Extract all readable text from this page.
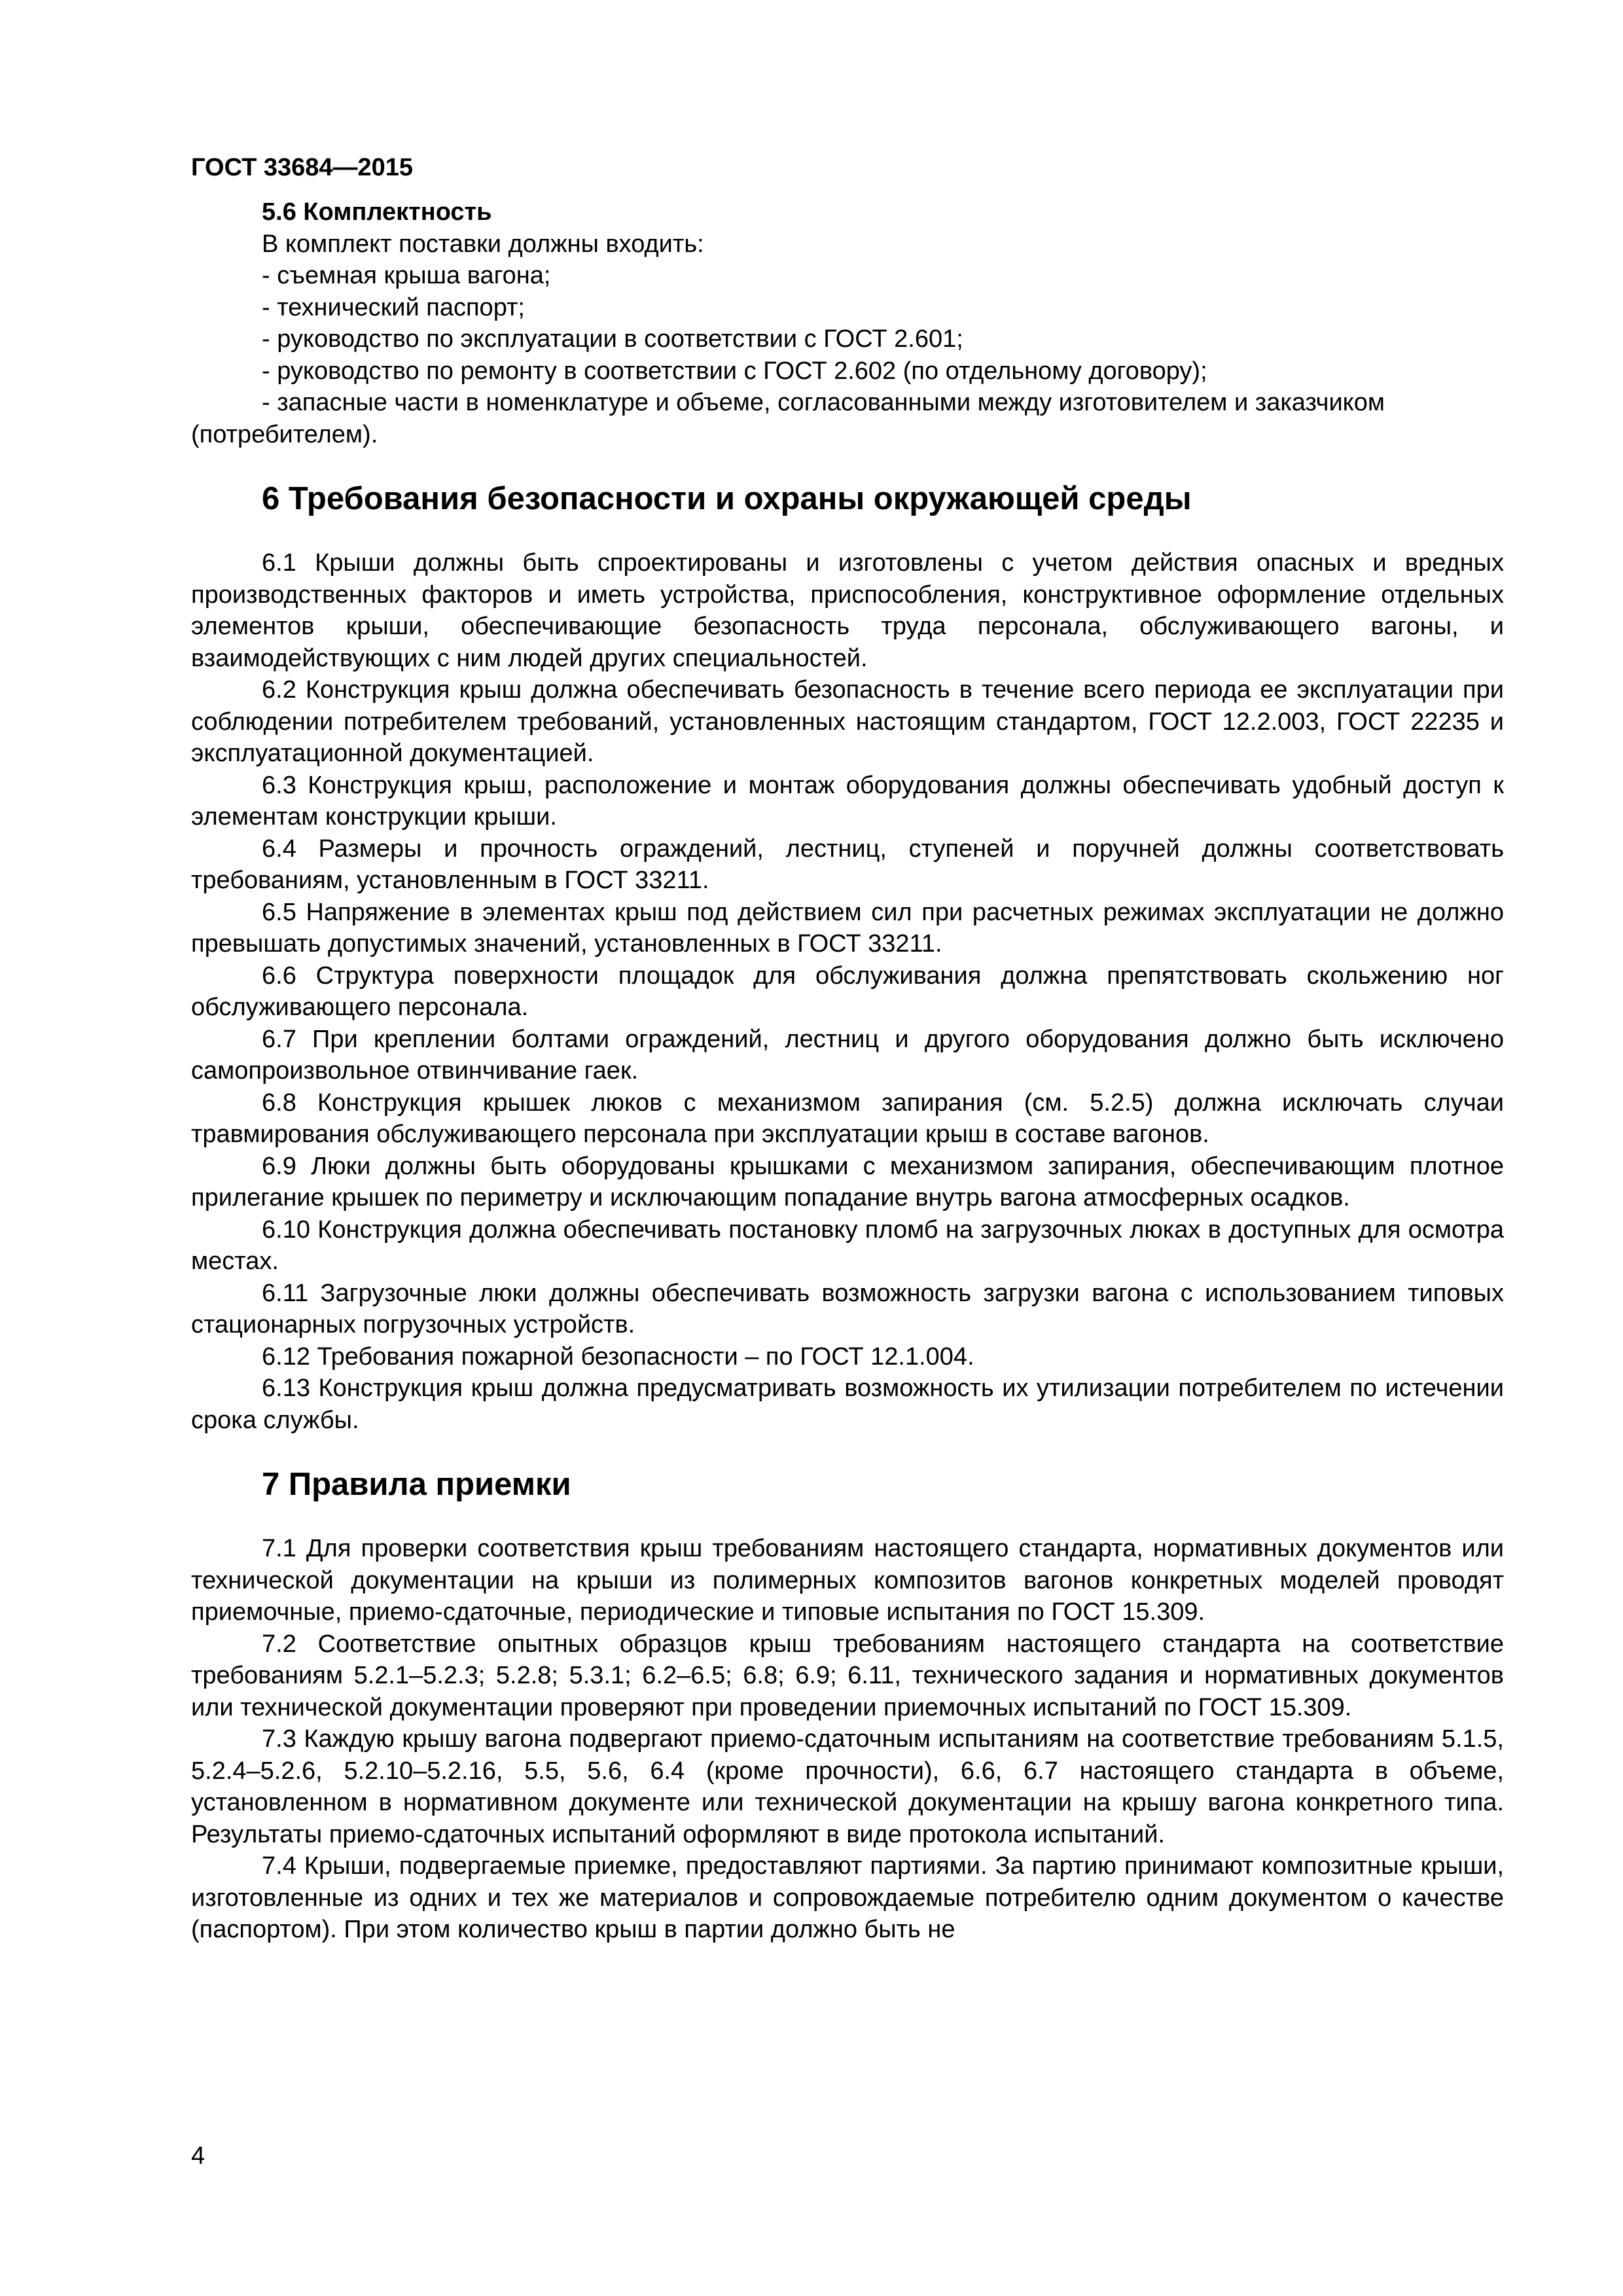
ГОСТ 33684—2015

5.6 Комплектность

В комплект поставки должны входить:

- съемная крыша вагона;

- технический паспорт;

- руководство по эксплуатации в соответствии с ГОСТ 2.601;

- руководство по ремонту в соответствии с ГОСТ 2.602 (по отдельному договору);

- запасные части в номенклатуре и объеме, согласованными между изготовителем и заказчиком (потребителем).

6 Требования безопасности и охраны окружающей среды

6.1 Крыши должны быть спроектированы и изготовлены с учетом действия опасных и вредных производственных факторов и иметь устройства, приспособления, конструктивное оформление отдельных элементов крыши, обеспечивающие безопасность труда персонала, обслуживающего вагоны, и взаимодействующих с ним людей других специальностей.

6.2 Конструкция крыш должна обеспечивать безопасность в течение всего периода ее эксплуатации при соблюдении потребителем требований, установленных настоящим стандартом, ГОСТ 12.2.003, ГОСТ 22235 и эксплуатационной документацией.

6.3 Конструкция крыш, расположение и монтаж оборудования должны обеспечивать удобный доступ к элементам конструкции крыши.

6.4 Размеры и прочность ограждений, лестниц, ступеней и поручней должны соответствовать требованиям, установленным в ГОСТ 33211.

6.5 Напряжение в элементах крыш под действием сил при расчетных режимах эксплуатации не должно превышать допустимых значений, установленных в ГОСТ 33211.

6.6 Структура поверхности площадок для обслуживания должна препятствовать скольжению ног обслуживающего персонала.

6.7 При креплении болтами ограждений, лестниц и другого оборудования должно быть исключено самопроизвольное отвинчивание гаек.

6.8 Конструкция крышек люков с механизмом запирания (см. 5.2.5) должна исключать случаи травмирования обслуживающего персонала при эксплуатации крыш в составе вагонов.

6.9 Люки должны быть оборудованы крышками с механизмом запирания, обеспечивающим плотное прилегание крышек по периметру и исключающим попадание внутрь вагона атмосферных осадков.

6.10 Конструкция должна обеспечивать постановку пломб на загрузочных люках в доступных для осмотра местах.

6.11 Загрузочные люки должны обеспечивать возможность загрузки вагона с использованием типовых стационарных погрузочных устройств.

6.12 Требования пожарной безопасности – по ГОСТ 12.1.004.

6.13 Конструкция крыш должна предусматривать возможность их утилизации потребителем по истечении срока службы.

7 Правила приемки

7.1 Для проверки соответствия крыш требованиям настоящего стандарта, нормативных документов или технической документации на крыши из полимерных композитов вагонов конкретных моделей проводят приемочные, приемо-сдаточные, периодические и типовые испытания по ГОСТ 15.309.

7.2 Соответствие опытных образцов крыш требованиям настоящего стандарта на соответствие требованиям 5.2.1–5.2.3; 5.2.8; 5.3.1; 6.2–6.5; 6.8; 6.9; 6.11, технического задания и нормативных документов или технической документации проверяют при проведении приемочных испытаний по ГОСТ 15.309.

7.3 Каждую крышу вагона подвергают приемо-сдаточным испытаниям на соответствие требованиям 5.1.5, 5.2.4–5.2.6, 5.2.10–5.2.16, 5.5, 5.6, 6.4 (кроме прочности), 6.6, 6.7 настоящего стандарта в объеме, установленном в нормативном документе или технической документации на крышу вагона конкретного типа. Результаты приемо-сдаточных испытаний оформляют в виде протокола испытаний.

7.4 Крыши, подвергаемые приемке, предоставляют партиями. За партию принимают композитные крыши, изготовленные из одних и тех же материалов и сопровождаемые потребителю одним документом о качестве (паспортом). При этом количество крыш в партии должно быть не

4
